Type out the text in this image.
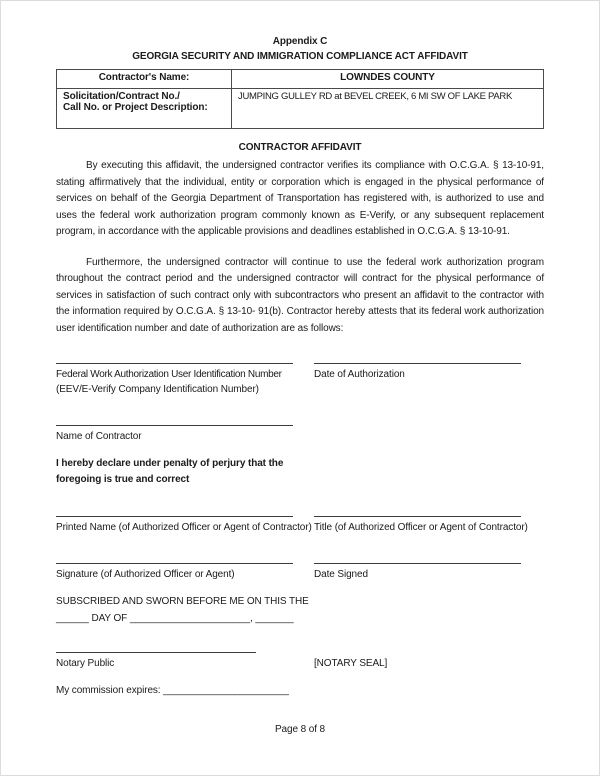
Appendix C
GEORGIA SECURITY AND IMMIGRATION COMPLIANCE ACT AFFIDAVIT
Contractor's Name:	LOWNDES COUNTY

Solicitation/Contract No./
Call No. or Project Description:	JUMPING GULLEY RD at BEVEL CREEK, 6 MI SW OF LAKE PARK
CONTRACTOR AFFIDAVIT

By executing this affidavit, the undersigned contractor verifies its compliance with O.C.G.A. § 13-10-91, stating affirmatively that the individual, entity or corporation which is engaged in the physical performance of services on behalf of the Georgia Department of Transportation has registered with, is authorized to use and uses the federal work authorization program commonly known as E-Verify, or any subsequent replacement program, in accordance with the applicable provisions and deadlines established in O.C.G.A. § 13-10-91.

Furthermore, the undersigned contractor will continue to use the federal work authorization program throughout the contract period and the undersigned contractor will contract for the physical performance of services in satisfaction of such contract only with subcontractors who present an affidavit to the contractor with the information required by O.C.G.A. § 13-10- 91(b). Contractor hereby attests that its federal work authorization user identification number and date of authorization are as follows:

Federal Work Authorization User Identification Number
(EEV/E-Verify Company Identification Number)
Date of Authorization
Name of Contractor
I hereby declare under penalty of perjury that the foregoing is true and correct
Printed Name (of Authorized Officer or Agent of Contractor) Title (of Authorized Officer or Agent of Contractor)
Signature (of Authorized Officer or Agent)	Date Signed
SUBSCRIBED AND SWORN BEFORE ME ON THIS THE
______ DAY OF ______________________, _______
Notary Public	[NOTARY SEAL]
My commission expires: _______________________
Page 8 of 8
